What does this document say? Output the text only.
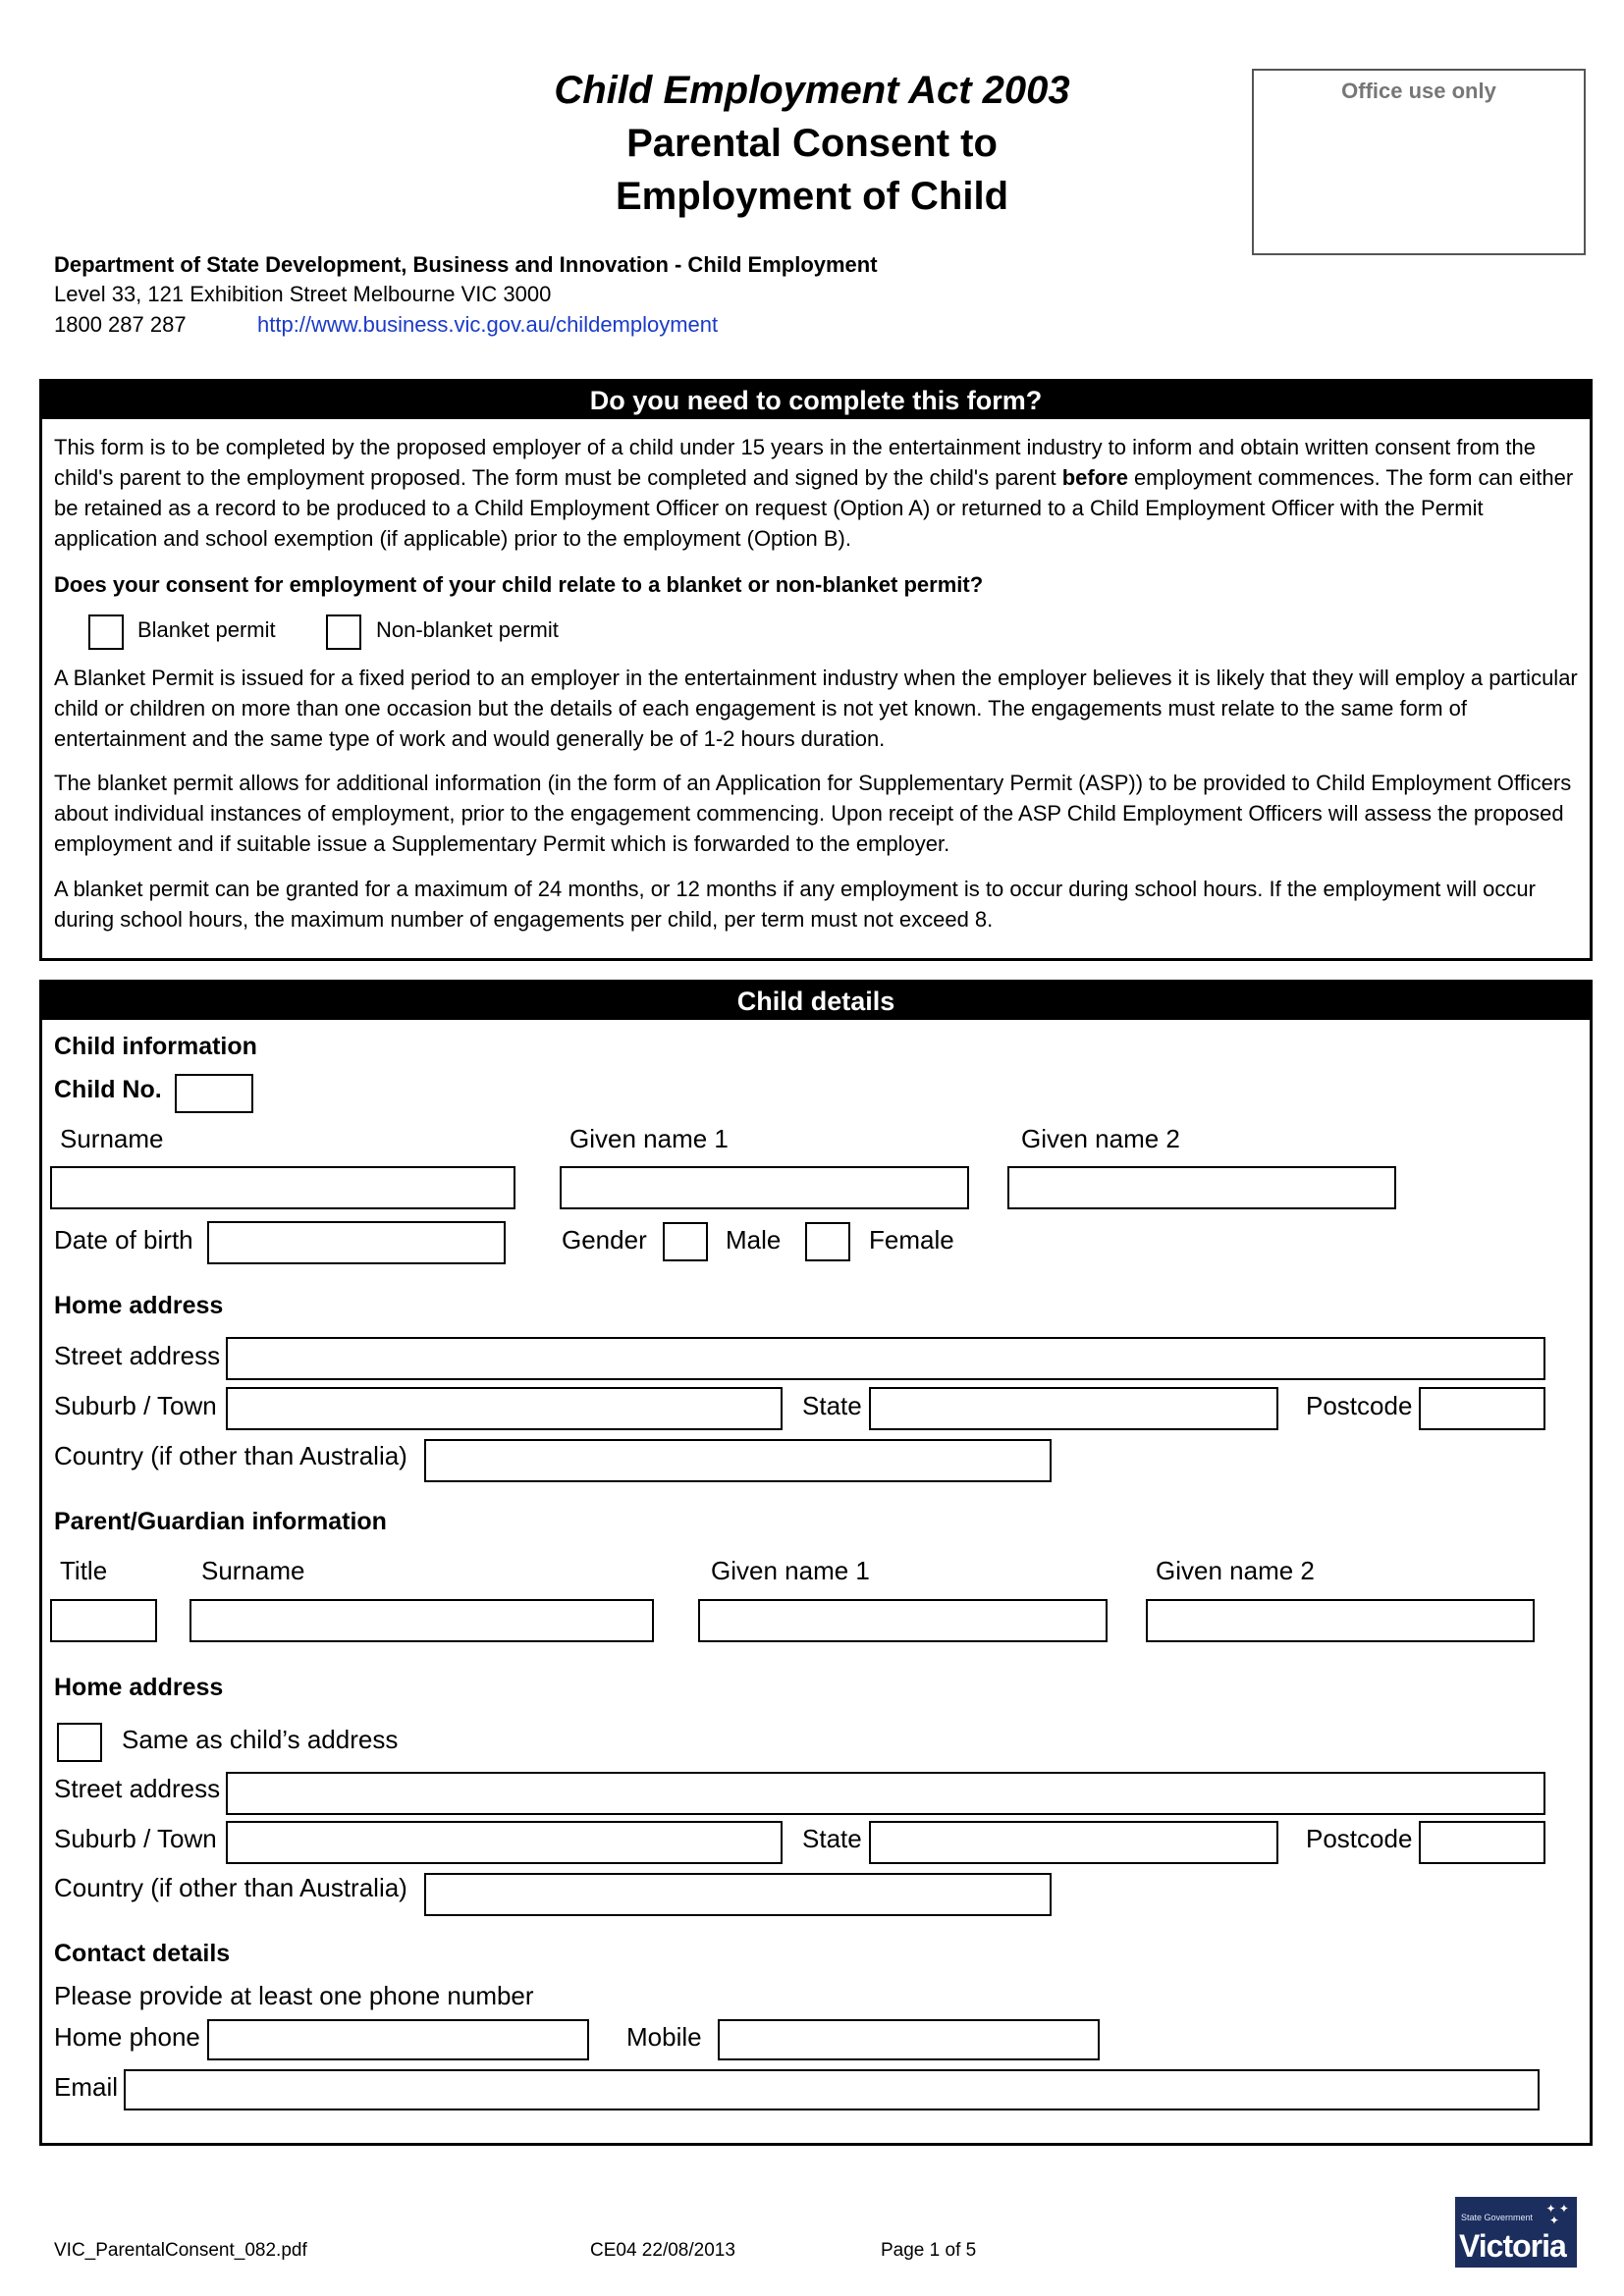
Child Employment Act 2003
Parental Consent to
Employment of Child
Office use only
Department of State Development, Business and Innovation - Child Employment
Level 33, 121 Exhibition Street Melbourne VIC 3000
1800 287 287	http://www.business.vic.gov.au/childemployment
Do you need to complete this form?
This form is to be completed by the proposed employer of a child under 15 years in the entertainment industry to inform and obtain written consent from the child's parent to the employment proposed. The form must be completed and signed by the child's parent before employment commences. The form can either be retained as a record to be produced to a Child Employment Officer on request (Option A) or returned to a Child Employment Officer with the Permit application and school exemption (if applicable) prior to the employment (Option B).
Does your consent for employment of your child relate to a blanket or non-blanket permit?
Blanket permit	Non-blanket permit
A Blanket Permit is issued for a fixed period to an employer in the entertainment industry when the employer believes it is likely that they will employ a particular child or children on more than one occasion but the details of each engagement is not yet known. The engagements must relate to the same form of entertainment and the same type of work and would generally be of 1-2 hours duration.
The blanket permit allows for additional information (in the form of an Application for Supplementary Permit (ASP)) to be provided to Child Employment Officers about individual instances of employment, prior to the engagement commencing. Upon receipt of the ASP Child Employment Officers will assess the proposed employment and if suitable issue a Supplementary Permit which is forwarded to the employer.
A blanket permit can be granted for a maximum of 24 months, or 12 months if any employment is to occur during school hours. If the employment will occur during school hours, the maximum number of engagements per child, per term must not exceed 8.
Child details
Child information
Child No.
Surname	Given name 1	Given name 2
Date of birth	Gender	Male	Female
Home address
Street address
Suburb / Town	State	Postcode
Country (if other than Australia)
Parent/Guardian information
Title	Surname	Given name 1	Given name 2
Home address
Same as child’s address
Street address
Suburb / Town	State	Postcode
Country (if other than Australia)
Contact details
Please provide at least one phone number
Home phone	Mobile
Email
VIC_ParentalConsent_082.pdf	CE04 22/08/2013	Page 1 of 5
State Government
✦ ✦
✦
Victoria
